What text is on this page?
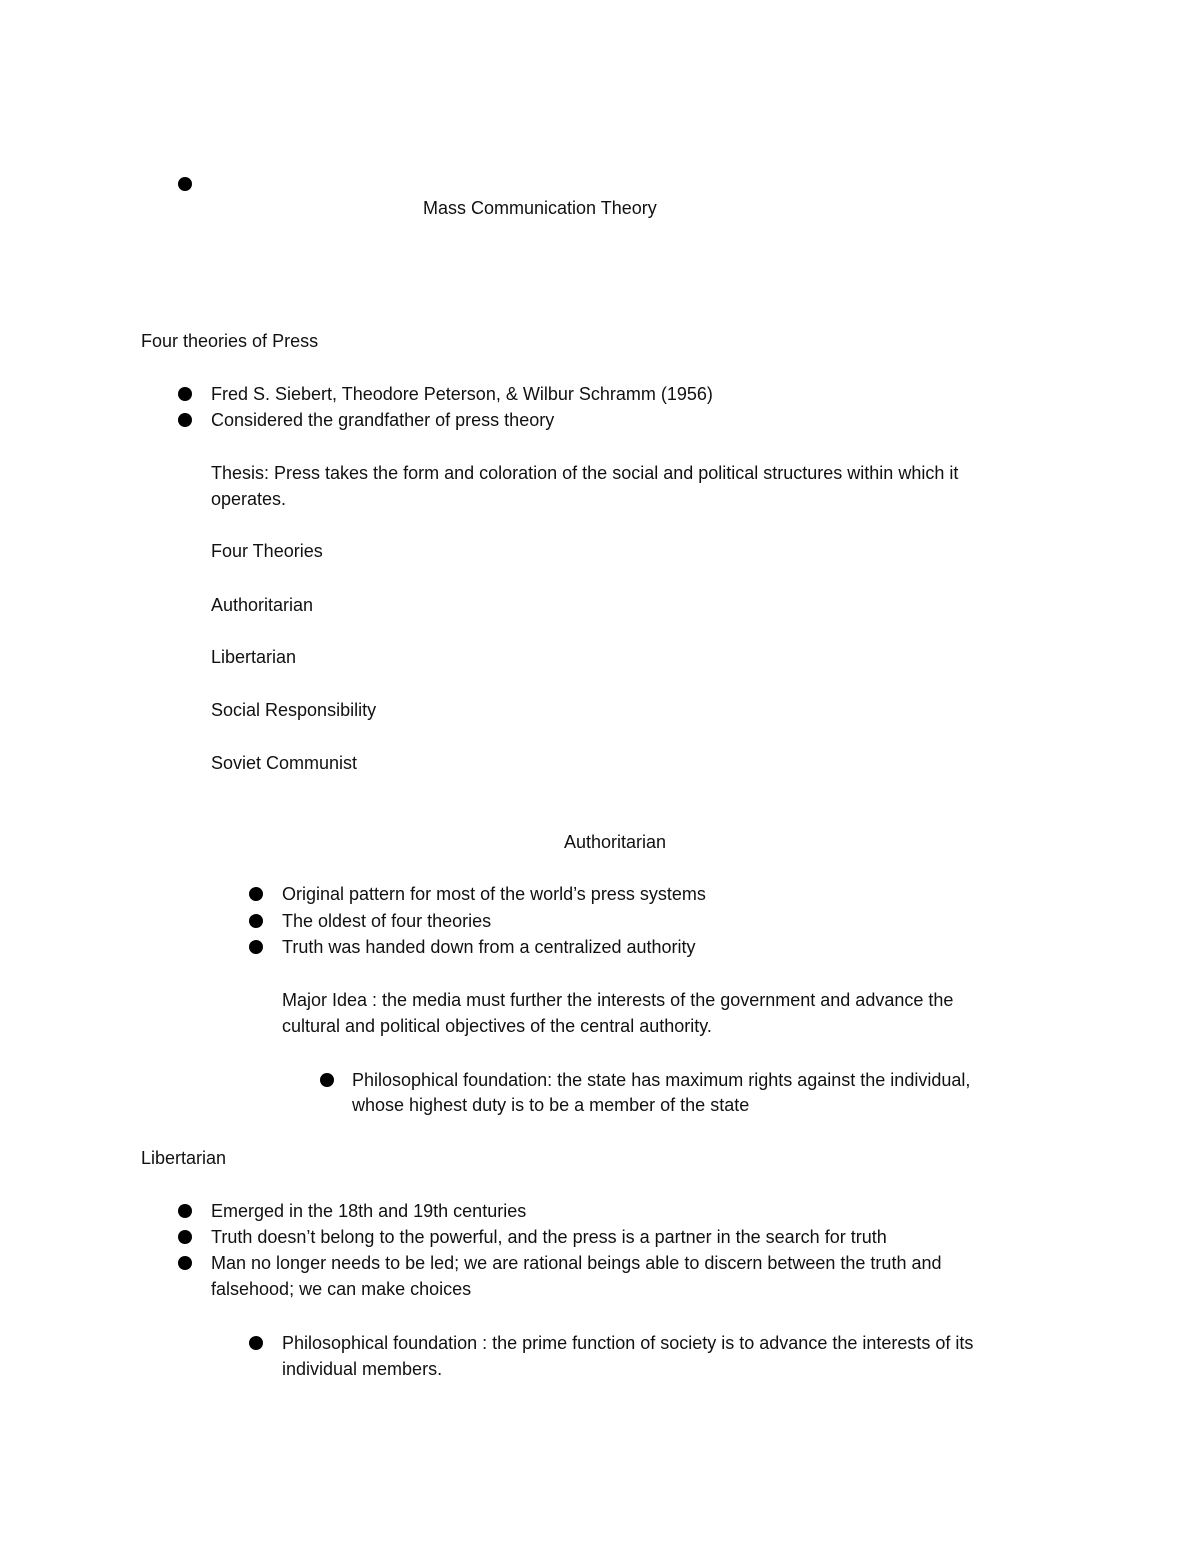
Mass Communication Theory
Four theories of Press
Fred S. Siebert, Theodore Peterson, & Wilbur Schramm (1956)
Considered the grandfather of press theory
Thesis: Press takes the form and coloration of the social and political structures within which it
operates.
Four Theories
Authoritarian
Libertarian
Social Responsibility
Soviet Communist
Authoritarian
Original pattern for most of the world’s press systems
The oldest of four theories
Truth was handed down from a centralized authority
Major Idea : the media must further the interests of the government and advance the
cultural and political objectives of the central authority.
Philosophical foundation: the state has maximum rights against the individual,
whose highest duty is to be a member of the state
Libertarian
Emerged in the 18th and 19th centuries
Truth doesn’t belong to the powerful, and the press is a partner in the search for truth
Man no longer needs to be led; we are rational beings able to discern between the truth and
falsehood; we can make choices
Philosophical foundation : the prime function of society is to advance the interests of its
individual members.
